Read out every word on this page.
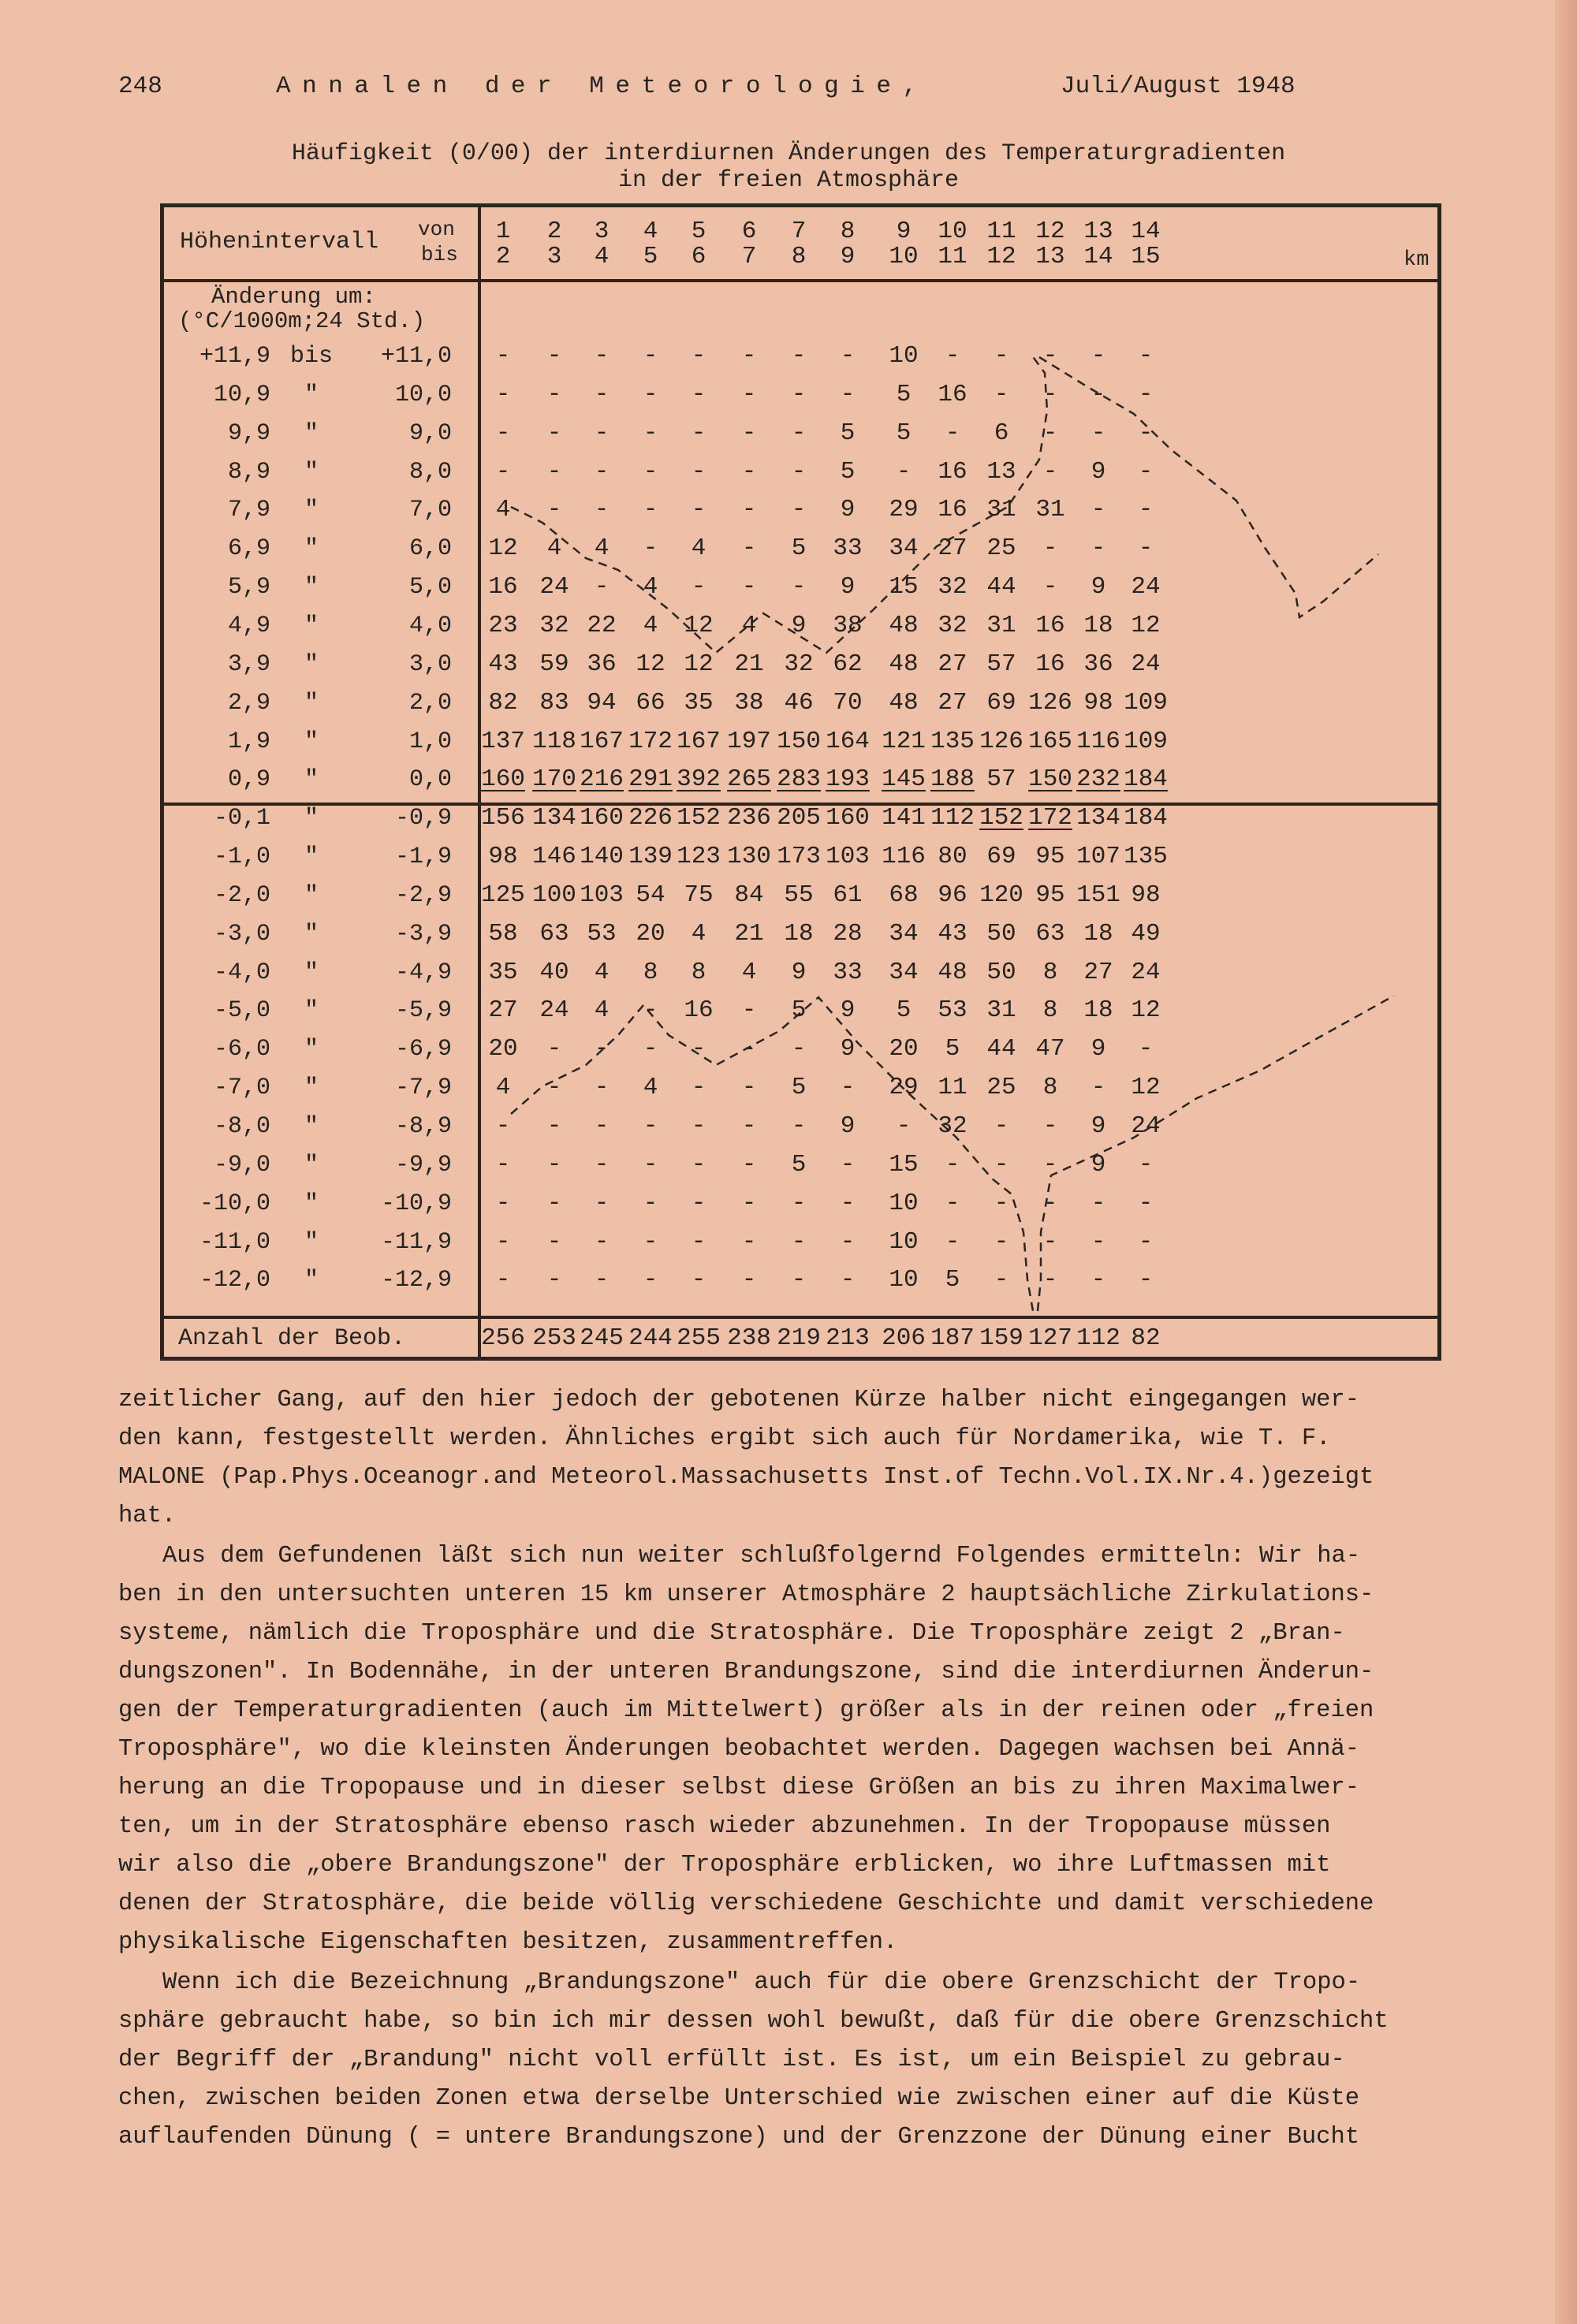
248	Annalen der Meteorologie,	Juli/August 1948
Häufigkeit (0/00) der interdiurnen Änderungen des Temperaturgradienten
in der freien Atmosphäre
Höhenintervall von
bis	km
Änderung um:
(°C/1000m;24 Std.)
1	2	3	4	5	6	7	8	9	10 11 12 13 14
2	3	4	5	6	7	8	9	10 11 12 13 14 15
+11,9 bis +11,0	-	-	-	-	-	-	-	-	10	-	-	-	-	-
10,9 "	10,0	-	-	-	-	-	-	-	-	5	16	-	-	-	-
9,9 "	9,0	-	-	-	-	-	-	-	5	5	-	6	-	-	-
8,9 "	8,0	-	-	-	-	-	-	-	5	-	16 13	-	9	-
7,9 "	7,0	4	-	-	-	-	-	-	9	29 16 31 31	-	-
6,9 "	6,0	12	4	4	-	4	-	5	33	34 27 25	-	-	-
5,9 "	5,0	16 24	-	4	-	-	-	9	15 32 44	-	9	24
4,9 "	4,0	23 32 22	4	12	4	9	38	48 32 31 16 18 12
3,9 "	3,0	43 59 36 12 12 21 32 62	48 27 57 16 36 24
2,9 "	2,0	82 83 94 66 35 38 46 70	48 27 69 126 98 109
1,9 "	1,0 137 118 167 172 167 197 150 164 121 135 126 165 116 109
0,9 "	0,0 160 170 216 291 392 265 283 193 145 188 57 150 232 184
-0,1 "	-0,9 156 134 160 226 152 236 205 160 141 112 152 172 134 184
-1,0 "	-1,9	98 146 140 139 123 130 173 103 116 80 69 95 107 135
-2,0 "	-2,9 125 100 103 54 75 84 55 61	68 96 120 95 151 98
-3,0 "	-3,9	58 63 53 20	4	21 18 28	34 43 50 63 18 49
-4,0 "	-4,9	35 40	4	8	8	4	9	33	34 48 50	8	27 24
-5,0 "	-5,9	27 24	4	-	16	-	5	9	5	53 31	8	18 12
-6,0 "	-6,9	20	-	-	-	-	-	-	9	20	5	44 47	9	-
-7,0 "	-7,9	4	-	-	4	-	-	5	-	29 11 25	8	-	12
-8,0 "	-8,9	-	-	-	-	-	-	-	9	-	32	-	-	9	24
-9,0 "	-9,9	-	-	-	-	-	-	5	-	15	-	-	-	9	-
-10,0 "	-10,9	-	-	-	-	-	-	-	-	10	-	-	-	-	-
-11,0 "	-11,9	-	-	-	-	-	-	-	-	10	-	-	-	-	-
-12,0 "	-12,9	-	-	-	-	-	-	-	-	10	5	-	-	-	-
Anzahl der Beob.	256 253 245 244 255 238 219 213 206 187 159 127 112 82
zeitlicher Gang, auf den hier jedoch der gebotenen Kürze halber nicht eingegangen wer-
den kann, festgestellt werden. Ähnliches ergibt sich auch für Nordamerika, wie T. F.
MALONE (Pap.Phys.Oceanogr.and Meteorol.Massachusetts Inst.of Techn.Vol.IX.Nr.4.)gezeigt
hat.
Aus dem Gefundenen läßt sich nun weiter schlußfolgernd Folgendes ermitteln: Wir ha-
ben in den untersuchten unteren 15 km unserer Atmosphäre 2 hauptsächliche Zirkulations-
systeme, nämlich die Troposphäre und die Stratosphäre. Die Troposphäre zeigt 2 „Bran-
dungszonen". In Bodennähe, in der unteren Brandungszone, sind die interdiurnen Änderun-
gen der Temperaturgradienten (auch im Mittelwert) größer als in der reinen oder „freien
Troposphäre", wo die kleinsten Änderungen beobachtet werden. Dagegen wachsen bei Annä-
herung an die Tropopause und in dieser selbst diese Größen an bis zu ihren Maximalwer-
ten, um in der Stratosphäre ebenso rasch wieder abzunehmen. In der Tropopause müssen
wir also die „obere Brandungszone" der Troposphäre erblicken, wo ihre Luftmassen mit
denen der Stratosphäre, die beide völlig verschiedene Geschichte und damit verschiedene
physikalische Eigenschaften besitzen, zusammentreffen.
Wenn ich die Bezeichnung „Brandungszone" auch für die obere Grenzschicht der Tropo-
sphäre gebraucht habe, so bin ich mir dessen wohl bewußt, daß für die obere Grenzschicht
der Begriff der „Brandung" nicht voll erfüllt ist. Es ist, um ein Beispiel zu gebrau-
chen, zwischen beiden Zonen etwa derselbe Unterschied wie zwischen einer auf die Küste
auflaufenden Dünung ( = untere Brandungszone) und der Grenzzone der Dünung einer Bucht
